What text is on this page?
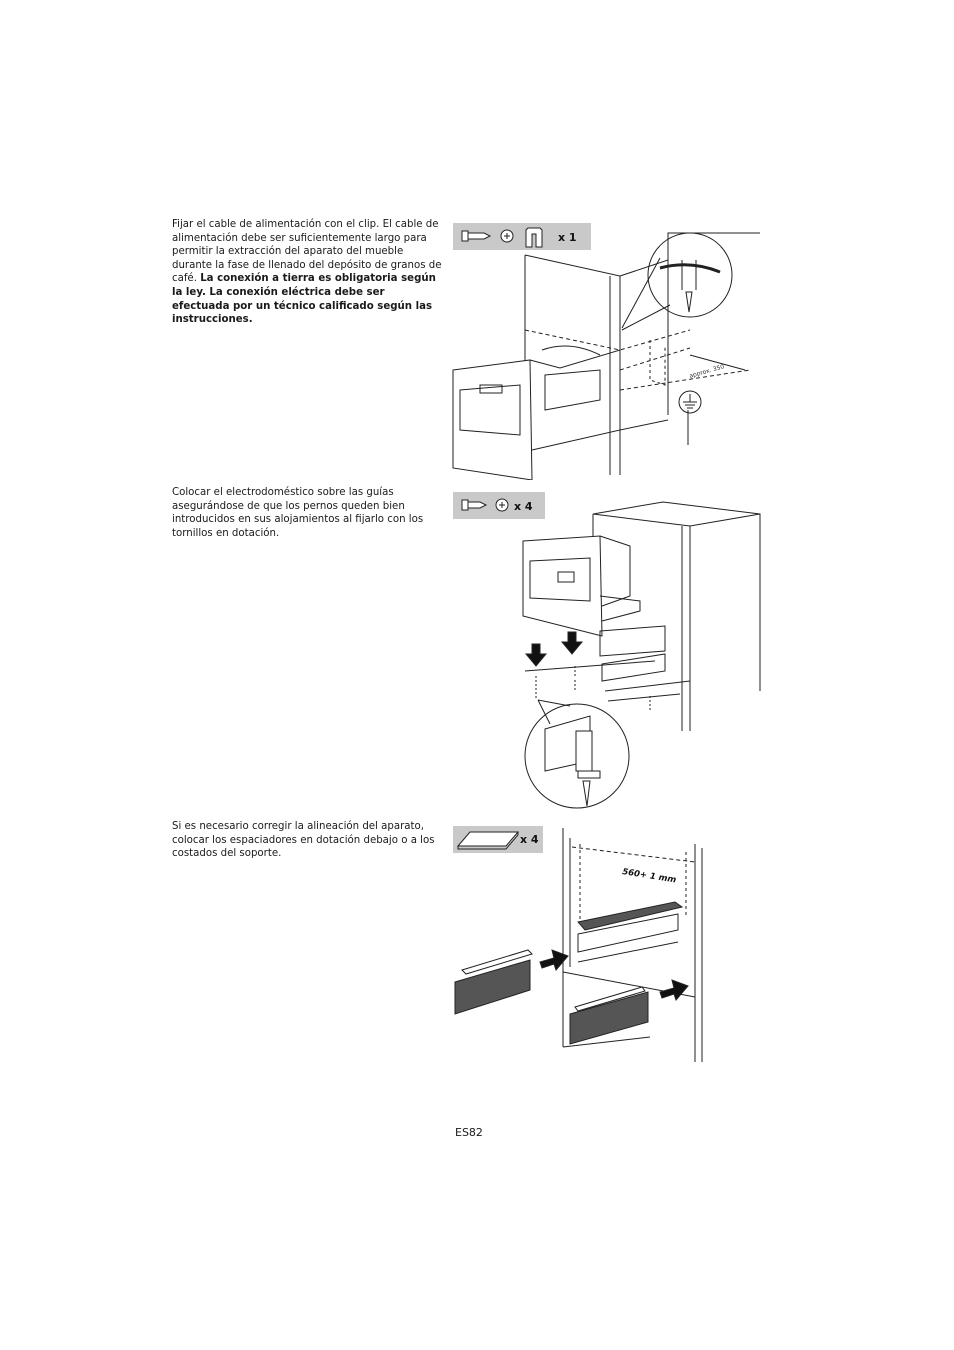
Fijar el cable de alimentación con el clip. El cable de alimentación debe ser suficientemente largo para permitir la extracción del aparato del mueble durante la fase de llenado del depósito de granos de café. La conexión a tierra es obligatoria según la ley. La conexión eléctrica debe ser efectuada por un técnico calificado según las instrucciones.
x 1
approx. 350
Colocar el electrodoméstico sobre las guías asegurándose de que los pernos queden bien introducidos en sus alojamientos al fijarlo con los tornillos en dotación.
x 4
Si es necesario corregir la alineación del aparato, colocar los espaciadores en dotación debajo o a los costados del soporte.
x 4
560+ 1 mm
ES82
